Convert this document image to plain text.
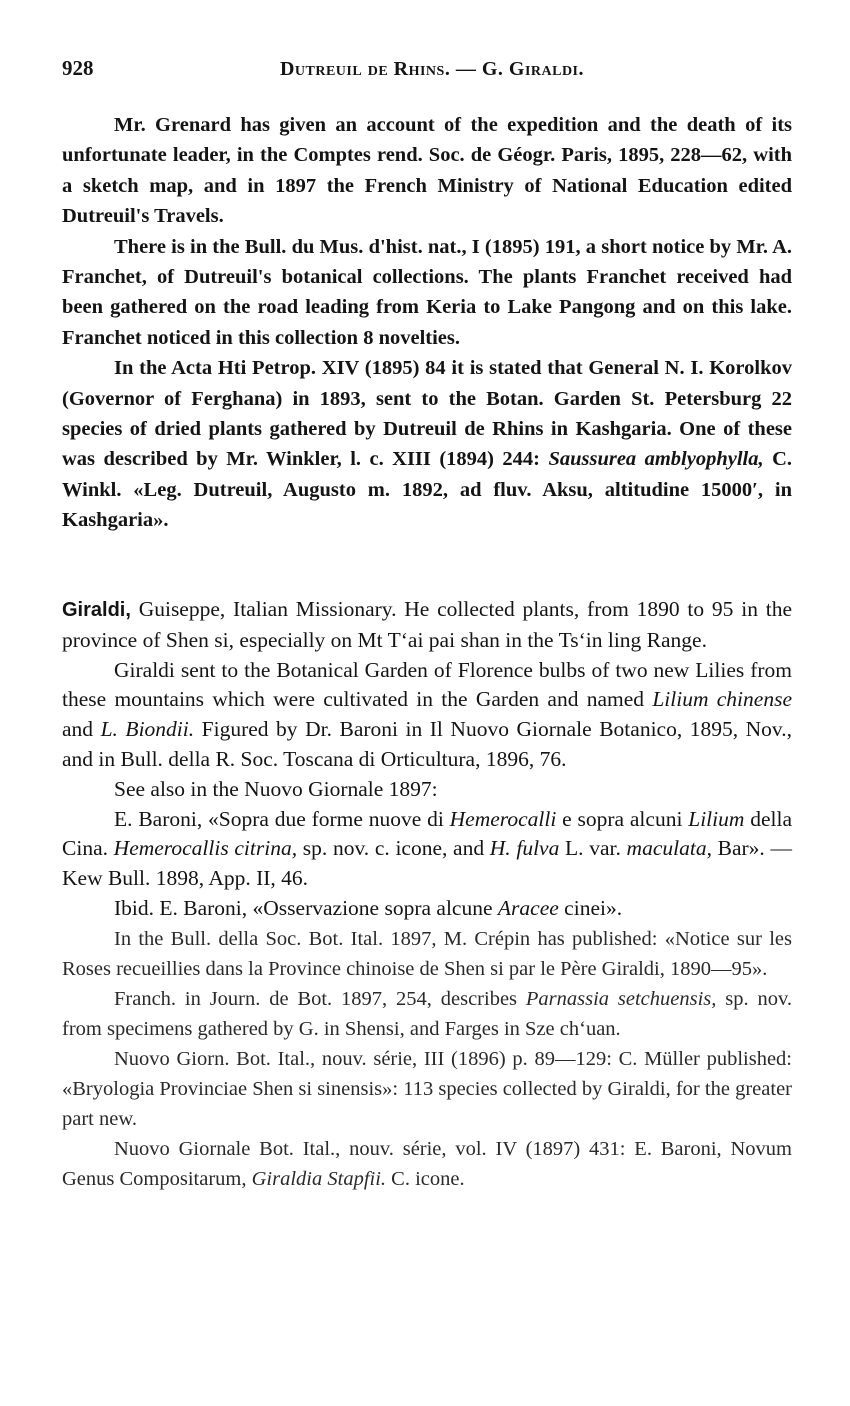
928	Dutreuil de Rhins. — G. Giraldi.

Mr. Grenard has given an account of the expedition and the death of its unfortunate leader, in the Comptes rend. Soc. de Géogr. Paris, 1895, 228—62, with a sketch map, and in 1897 the French Ministry of National Education edited Dutreuil's Travels.

There is in the Bull. du Mus. d'hist. nat., I (1895) 191, a short notice by Mr. A. Franchet, of Dutreuil's botanical collections. The plants Franchet received had been gathered on the road leading from Keria to Lake Pangong and on this lake. Franchet noticed in this collection 8 novelties.

In the Acta Hti Petrop. XIV (1895) 84 it is stated that General N. I. Korolkov (Governor of Ferghana) in 1893, sent to the Botan. Garden St. Petersburg 22 species of dried plants gathered by Dutreuil de Rhins in Kashgaria. One of these was described by Mr. Winkler, l. c. XIII (1894) 244: Saussurea amblyophylla, C. Winkl. «Leg. Dutreuil, Augusto m. 1892, ad fluv. Aksu, altitudine 15000′, in Kashgaria».

Giraldi, Guiseppe, Italian Missionary. He collected plants, from 1890 to 95 in the province of Shen si, especially on Mt Tʻai pai shan in the Tsʻin ling Range.

Giraldi sent to the Botanical Garden of Florence bulbs of two new Lilies from these mountains which were cultivated in the Garden and named Lilium chinense and L. Biondii. Figured by Dr. Baroni in Il Nuovo Giornale Botanico, 1895, Nov., and in Bull. della R. Soc. Toscana di Orticultura, 1896, 76.

See also in the Nuovo Giornale 1897:

E. Baroni, «Sopra due forme nuove di Hemerocalli e sopra alcuni Lilium della Cina. Hemerocallis citrina, sp. nov. c. icone, and H. fulva L. var. maculata, Bar». — Kew Bull. 1898, App. II, 46.

Ibid. E. Baroni, «Osservazione sopra alcune Aracee cinei».

In the Bull. della Soc. Bot. Ital. 1897, M. Crépin has published: «Notice sur les Roses recueillies dans la Province chinoise de Shen si par le Père Giraldi, 1890—95».

Franch. in Journ. de Bot. 1897, 254, describes Parnassia setchuensis, sp. nov. from specimens gathered by G. in Shensi, and Farges in Sze chʻuan.

Nuovo Giorn. Bot. Ital., nouv. série, III (1896) p. 89—129: C. Müller published: «Bryologia Provinciae Shen si sinensis»: 113 species collected by Giraldi, for the greater part new.

Nuovo Giornale Bot. Ital., nouv. série, vol. IV (1897) 431: E. Baroni, Novum Genus Compositarum, Giraldia Stapfii. C. icone.
